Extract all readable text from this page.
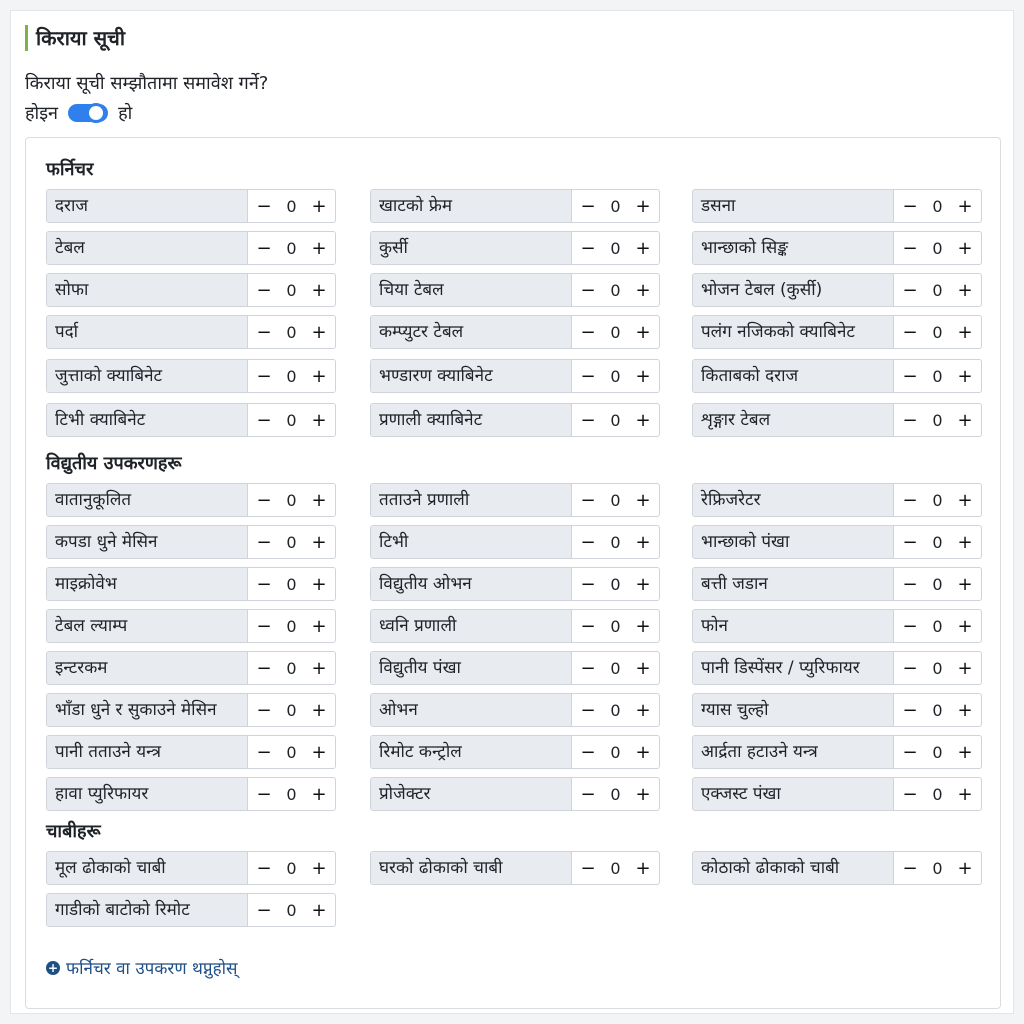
किराया सूची
किराया सूची सम्झौतामा समावेश गर्ने?
होइन	हो
फर्निचर
विद्युतीय उपकरणहरू
चाबीहरू
दराज	− 0 +	खाटको फ्रेम	− 0 +	डसना	− 0 +
टेबल	− 0 +	कुर्सी	− 0 +	भान्छाको सिङ्क	− 0 +
सोफा	− 0 +	चिया टेबल	− 0 +	भोजन टेबल (कुर्सी)	− 0 +
पर्दा	− 0 +	कम्प्युटर टेबल	− 0 +	पलंग नजिकको क्याबिनेट	− 0 +
जुत्ताको क्याबिनेट	− 0 +	भण्डारण क्याबिनेट	− 0 +	किताबको दराज	− 0 +
टिभी क्याबिनेट	− 0 +	प्रणाली क्याबिनेट	− 0 +	शृङ्गार टेबल	− 0 +
वातानुकूलित	− 0 +	तताउने प्रणाली	− 0 +	रेफ्रिजरेटर	− 0 +
कपडा धुने मेसिन	− 0 +	टिभी	− 0 +	भान्छाको पंखा	− 0 +
माइक्रोवेभ	− 0 +	विद्युतीय ओभन	− 0 +	बत्ती जडान	− 0 +
टेबल ल्याम्प	− 0 +	ध्वनि प्रणाली	− 0 +	फोन	− 0 +
इन्टरकम	− 0 +	विद्युतीय पंखा	− 0 +	पानी डिस्पेंसर / प्युरिफायर	− 0 +
भाँडा धुने र सुकाउने मेसिन	− 0 +	ओभन	− 0 +	ग्यास चुल्हो	− 0 +
पानी तताउने यन्त्र	− 0 +	रिमोट कन्ट्रोल	− 0 +	आर्द्रता हटाउने यन्त्र	− 0 +
हावा प्युरिफायर	− 0 +	प्रोजेक्टर	− 0 +	एक्जस्ट पंखा	− 0 +
मूल ढोकाको चाबी	− 0 +	घरको ढोकाको चाबी	− 0 +	कोठाको ढोकाको चाबी	− 0 +
गाडीको बाटोको रिमोट	− 0 +
+ फर्निचर वा उपकरण थप्नुहोस्
